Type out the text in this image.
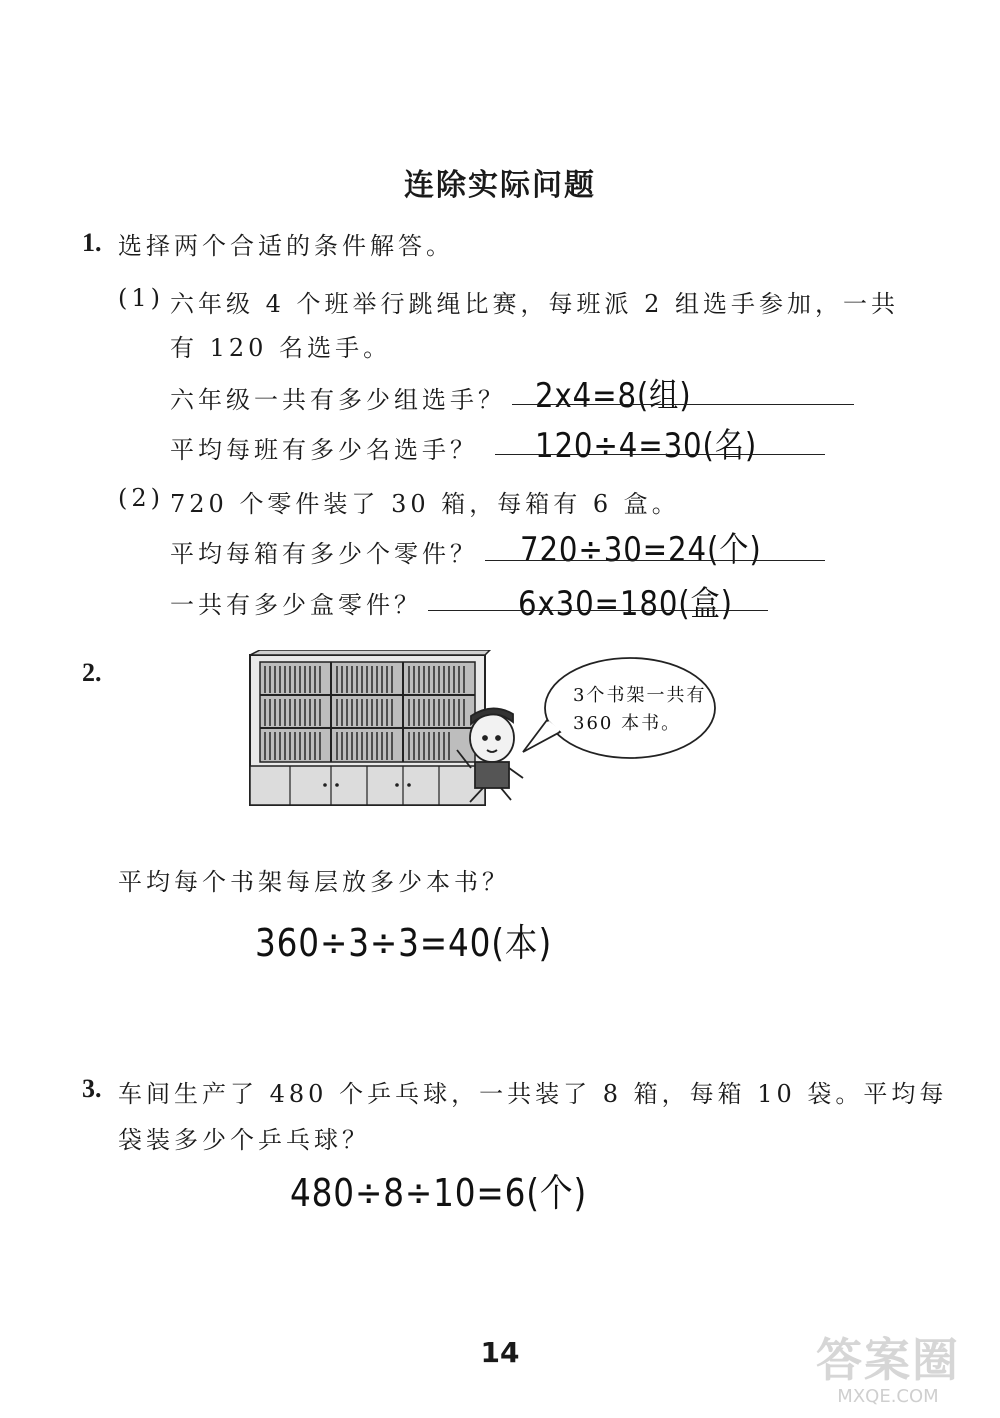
连除实际问题
1. 选择两个合适的条件解答。
(1) 六年级 4 个班举行跳绳比赛，每班派 2 组选手参加，一共
有 120 名选手。
六年级一共有多少组选手？ 2x4=8(组)
平均每班有多少名选手？ 120÷4=30(名)
(2) 720 个零件装了 30 箱，每箱有 6 盒。
平均每箱有多少个零件？ 720÷30=24(个)
一共有多少盒零件？	6x30=180(盒)
2.
3个书架一共有
360 本书。
平均每个书架每层放多少本书？
360÷3÷3=40(本)
3. 车间生产了 480 个乒乓球，一共装了 8 箱，每箱 10 袋。平均每
袋装多少个乒乓球？
480÷8÷10=6(个)
14	答案圈
MXQE.COM
